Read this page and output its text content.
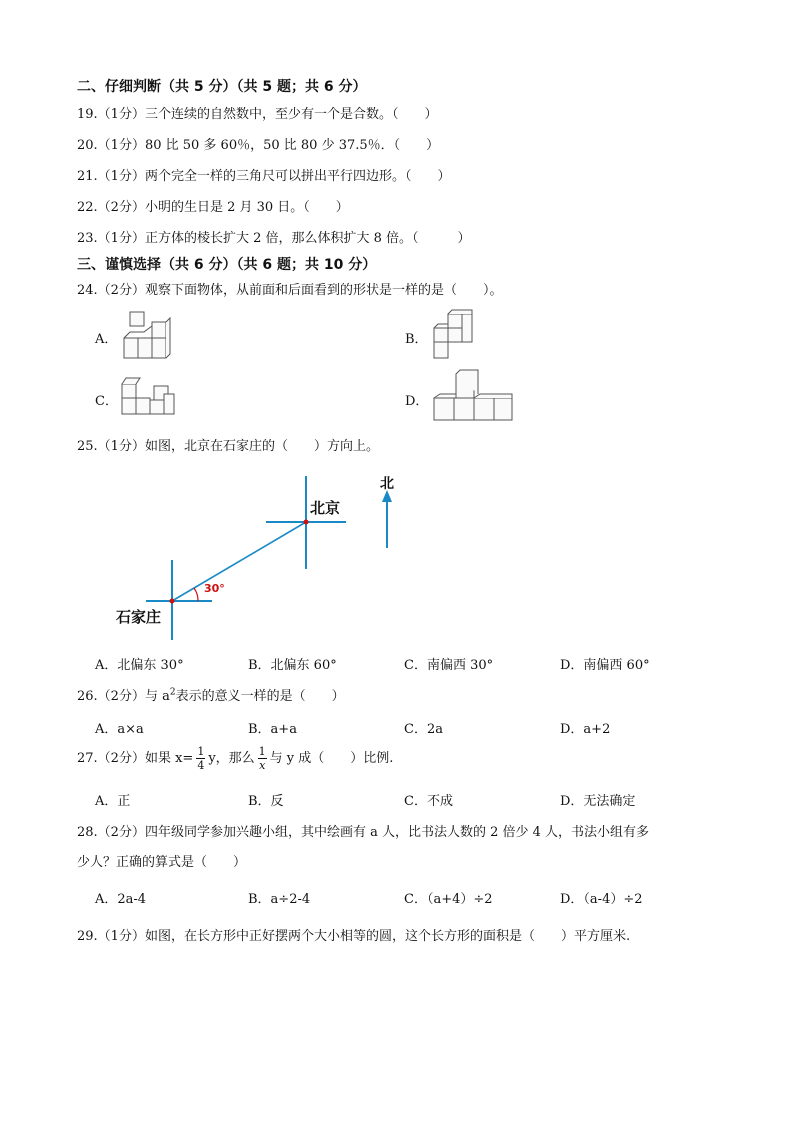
二、仔细判断（共 5 分）（共 5 题；共 6 分）
19.（1分）三个连续的自然数中，至少有一个是合数。（　　）
20.（1分）80 比 50 多 60％，50 比 80 少 37.5％．（　　）
21.（1分）两个完全一样的三角尺可以拼出平行四边形。（　　）
22.（2分）小明的生日是 2 月 30 日。（　　）
23.（1分）正方体的棱长扩大 2 倍，那么体积扩大 8 倍。（　　　）
三、谨慎选择（共 6 分）（共 6 题；共 10 分）
24.（2分）观察下面物体，从前面和后面看到的形状是一样的是（　　）。
A．	B．
C．	D．
25.（1分）如图，北京在石家庄的（　　）方向上。
北京
北
石家庄
30°
A．北偏东 30°	B．北偏东 60°	C．南偏西 30°	D．南偏西 60°
26.（2分）与 $a^2$表示的意义一样的是（　　）
A．a×a	B．a+a	C．2a	D．a+2
27.（2分）如果 $x= \frac{1}{4}$ y，那么 $\frac{1}{x}$ 与 y 成（　　）比例.
A．正	B．反	C．不成	D．无法确定
28.（2分）四年级同学参加兴趣小组，其中绘画有 a 人，比书法人数的 2 倍少 4 人，书法小组有多
少人？正确的算式是（　　）
A．2a-4	B．a÷2-4	C．（a+4）÷2	D．（a-4）÷2
29.（1分）如图，在长方形中正好摆两个大小相等的圆，这个长方形的面积是（　　）平方厘米.
